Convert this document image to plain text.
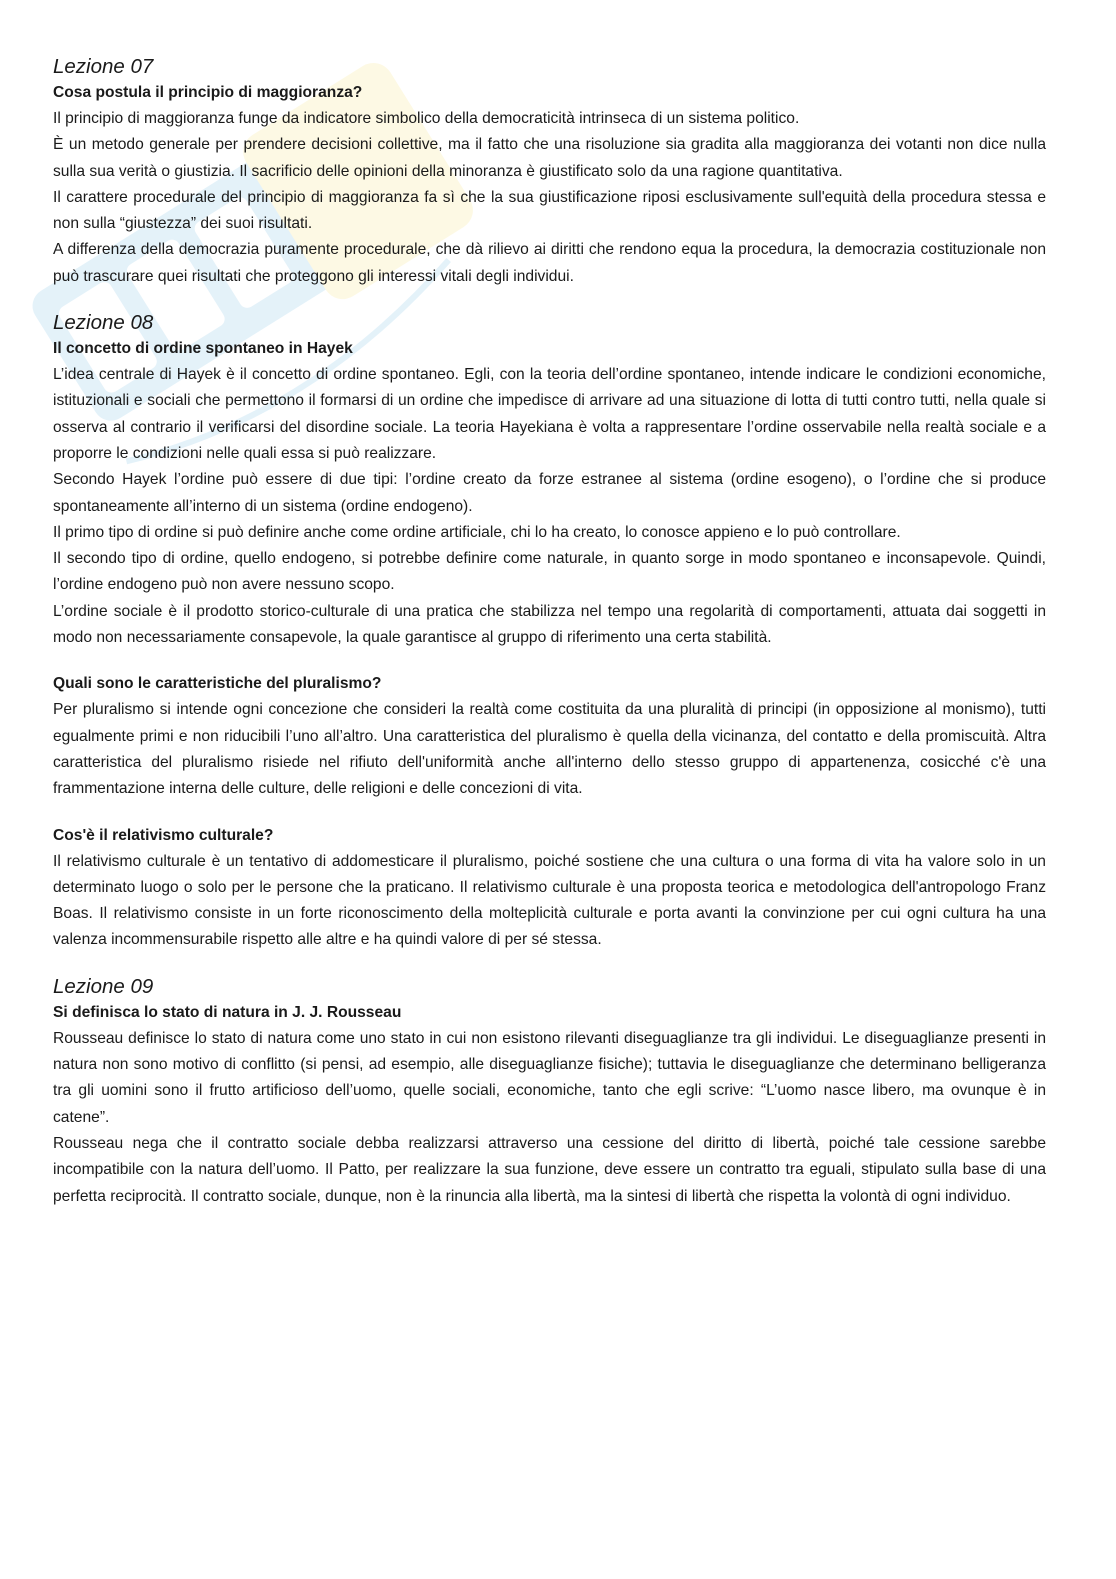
Lezione 07
Cosa postula il principio di maggioranza?

Il principio di maggioranza funge da indicatore simbolico della democraticità intrinseca di un sistema politico.

È un metodo generale per prendere decisioni collettive, ma il fatto che una risoluzione sia gradita alla maggioranza dei votanti non dice nulla sulla sua verità o giustizia. Il sacrificio delle opinioni della minoranza è giustificato solo da una ragione quantitativa.

Il carattere procedurale del principio di maggioranza fa sì che la sua giustificazione riposi esclusivamente sull'equità della procedura stessa e non sulla “giustezza” dei suoi risultati.

A differenza della democrazia puramente procedurale, che dà rilievo ai diritti che rendono equa la procedura, la democrazia costituzionale non può trascurare quei risultati che proteggono gli interessi vitali degli individui.

Lezione 08
Il concetto di ordine spontaneo in Hayek

L’idea centrale di Hayek è il concetto di ordine spontaneo. Egli, con la teoria dell’ordine spontaneo, intende indicare le condizioni economiche, istituzionali e sociali che permettono il formarsi di un ordine che impedisce di arrivare ad una situazione di lotta di tutti contro tutti, nella quale si osserva al contrario il verificarsi del disordine sociale. La teoria Hayekiana è volta a rappresentare l’ordine osservabile nella realtà sociale e a proporre le condizioni nelle quali essa si può realizzare.

Secondo Hayek l’ordine può essere di due tipi: l’ordine creato da forze estranee al sistema (ordine esogeno), o l’ordine che si produce spontaneamente all’interno di un sistema (ordine endogeno).

Il primo tipo di ordine si può definire anche come ordine artificiale, chi lo ha creato, lo conosce appieno e lo può controllare.

Il secondo tipo di ordine, quello endogeno, si potrebbe definire come naturale, in quanto sorge in modo spontaneo e inconsapevole. Quindi, l’ordine endogeno può non avere nessuno scopo.

L’ordine sociale è il prodotto storico-culturale di una pratica che stabilizza nel tempo una regolarità di comportamenti, attuata dai soggetti in modo non necessariamente consapevole, la quale garantisce al gruppo di riferimento una certa stabilità.

Quali sono le caratteristiche del pluralismo?

Per pluralismo si intende ogni concezione che consideri la realtà come costituita da una pluralità di principi (in opposizione al monismo), tutti egualmente primi e non riducibili l’uno all’altro. Una caratteristica del pluralismo è quella della vicinanza, del contatto e della promiscuità. Altra caratteristica del pluralismo risiede nel rifiuto dell'uniformità anche all'interno dello stesso gruppo di appartenenza, cosicché c'è una frammentazione interna delle culture, delle religioni e delle concezioni di vita.

Cos'è il relativismo culturale?

Il relativismo culturale è un tentativo di addomesticare il pluralismo, poiché sostiene che una cultura o una forma di vita ha valore solo in un determinato luogo o solo per le persone che la praticano. Il relativismo culturale è una proposta teorica e metodologica dell'antropologo Franz Boas. Il relativismo consiste in un forte riconoscimento della molteplicità culturale e porta avanti la convinzione per cui ogni cultura ha una valenza incommensurabile rispetto alle altre e ha quindi valore di per sé stessa.

Lezione 09
Si definisca lo stato di natura in J. J. Rousseau

Rousseau definisce lo stato di natura come uno stato in cui non esistono rilevanti diseguaglianze tra gli individui. Le diseguaglianze presenti in natura non sono motivo di conflitto (si pensi, ad esempio, alle diseguaglianze fisiche); tuttavia le diseguaglianze che determinano belligeranza tra gli uomini sono il frutto artificioso dell’uomo, quelle sociali, economiche, tanto che egli scrive: “L’uomo nasce libero, ma ovunque è in catene”.

Rousseau nega che il contratto sociale debba realizzarsi attraverso una cessione del diritto di libertà, poiché tale cessione sarebbe incompatibile con la natura dell’uomo. Il Patto, per realizzare la sua funzione, deve essere un contratto tra eguali, stipulato sulla base di una perfetta reciprocità. Il contratto sociale, dunque, non è la rinuncia alla libertà, ma la sintesi di libertà che rispetta la volontà di ogni individuo.
